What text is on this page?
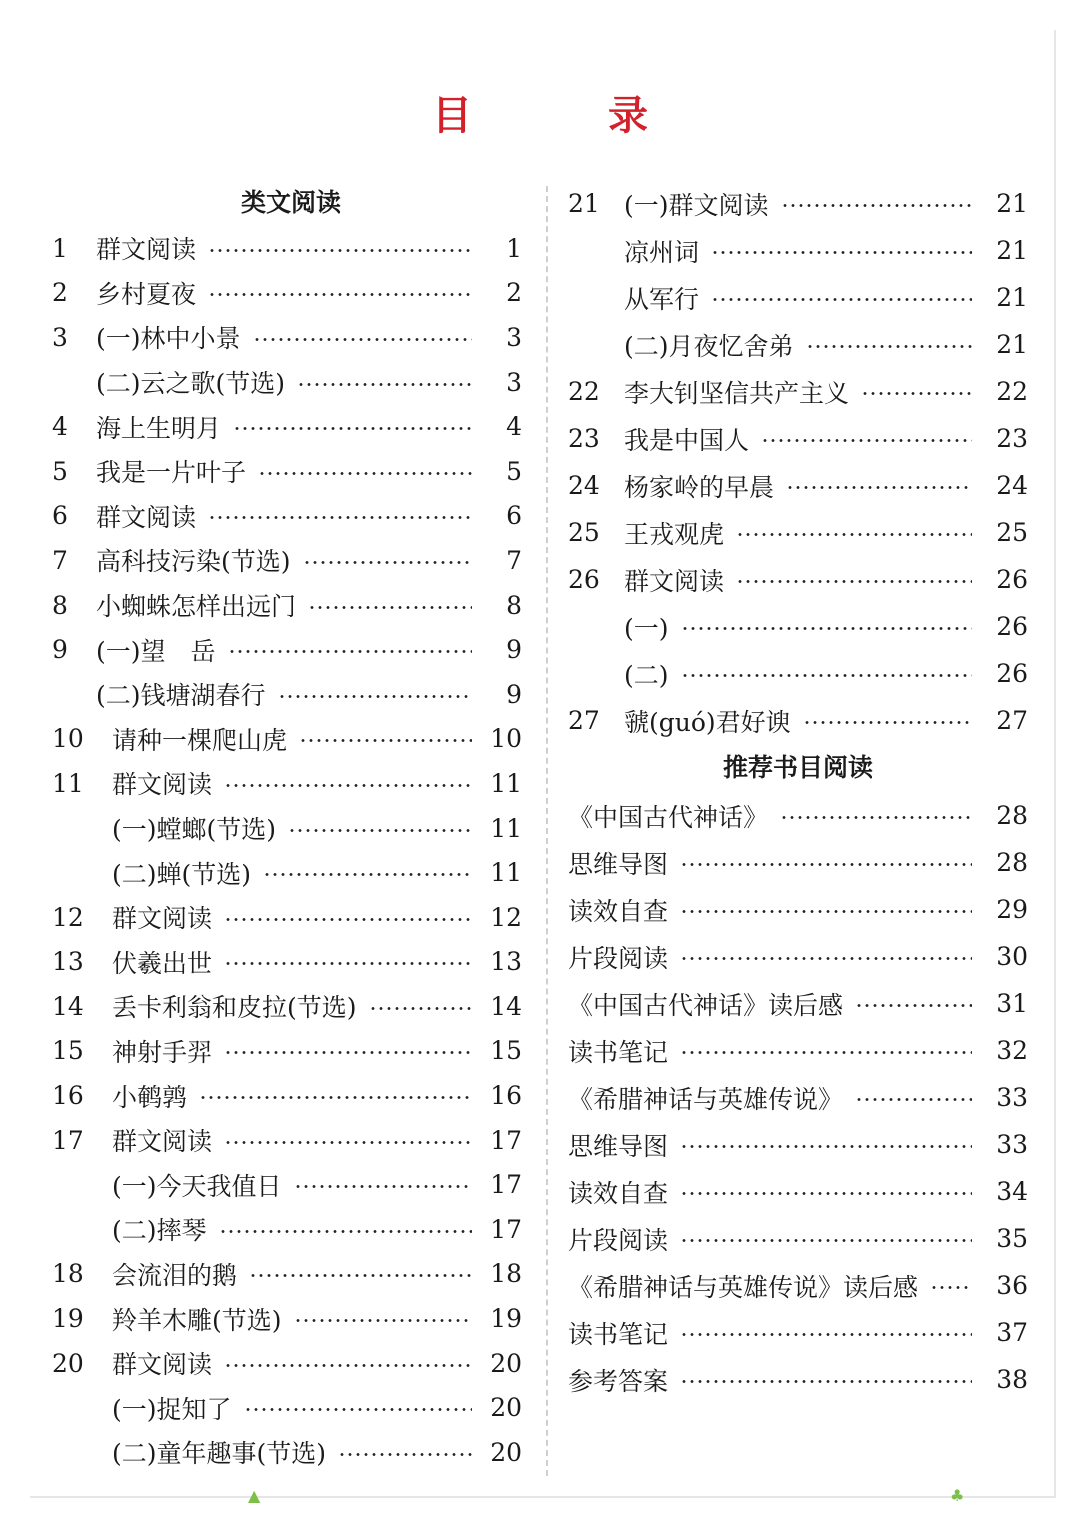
目　录
类文阅读
1	群文阅读	1
2	乡村夏夜	2
3	(一)林中小景	3
(二)云之歌(节选)	3
4	海上生明月	4
5	我是一片叶子	5
6	群文阅读	6
7	高科技污染(节选)	7
8	小蜘蛛怎样出远门	8
9	(一)望　岳	9
(二)钱塘湖春行	9
10	请种一棵爬山虎	10
11	群文阅读	11
(一)螳螂(节选)	11
(二)蝉(节选)	11
12	群文阅读	12
13	伏羲出世	13
14	丢卡利翁和皮拉(节选)	14
15	神射手羿	15
16	小鹌鹑	16
17	群文阅读	17
(一)今天我值日	17
(二)摔琴	17
18	会流泪的鹅	18
19	羚羊木雕(节选)	19
20	群文阅读	20
(一)捉知了	20
(二)童年趣事(节选)	20
21 (一)群文阅读	21
凉州词	21
从军行	21
(二)月夜忆舍弟	21
22 李大钊坚信共产主义	22
23 我是中国人	23
24 杨家岭的早晨	24
25 王戎观虎	25
26 群文阅读	26
(一)	26
(二)	26
27 虢(guó)君好谀	27
推荐书目阅读
《中国古代神话》	28
思维导图	28
读效自查	29
片段阅读	30
《中国古代神话》读后感	31
读书笔记	32
《希腊神话与英雄传说》	33
思维导图	33
读效自查	34
片段阅读	35
《希腊神话与英雄传说》读后感	36
读书笔记	37
参考答案	38
▲	♣
